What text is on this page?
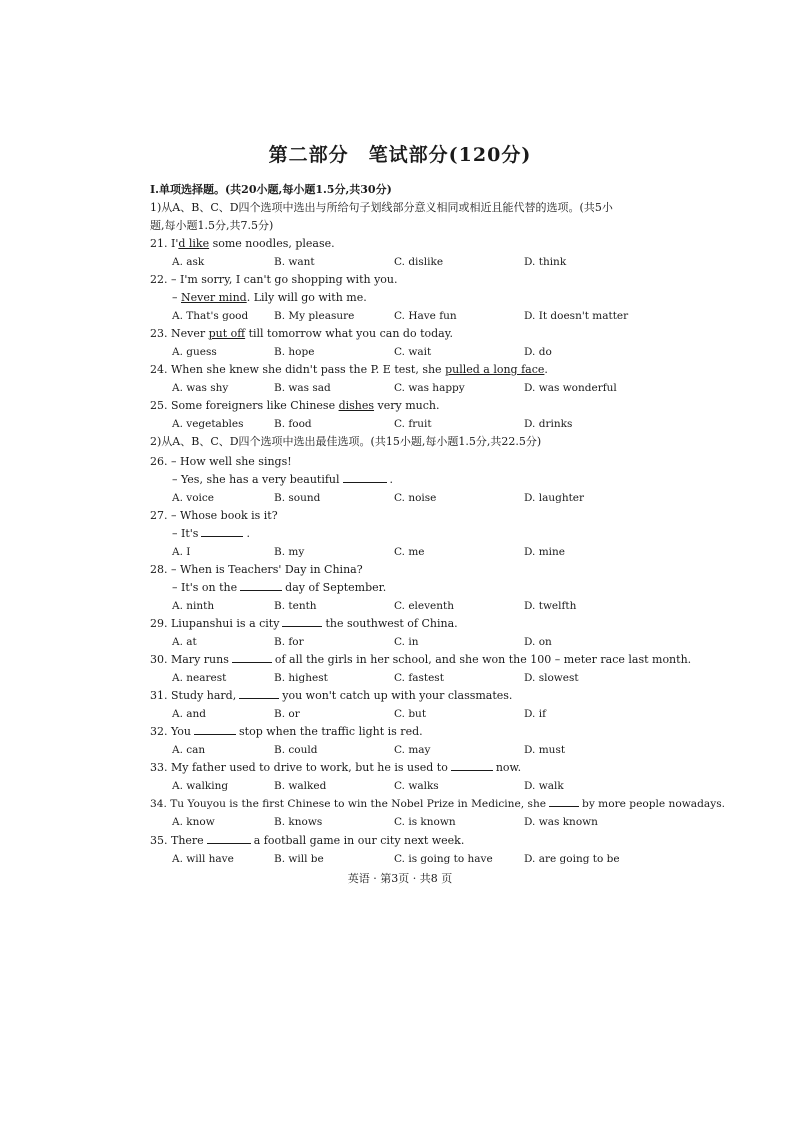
第二部分　笔试部分(120分)
Ⅰ.单项选择题。(共20小题,每小题1.5分,共30分)
1)从A、B、C、D四个选项中选出与所给句子划线部分意义相同或相近且能代替的选项。(共5小
题,每小题1.5分,共7.5分)
21. I'd like some noodles, please.
A. ask	B. want	C. dislike	D. think
22. – I'm sorry, I can't go shopping with you.
– Never mind. Lily will go with me.
A. That's good B. My pleasure	C. Have fun	D. It doesn't matter
23. Never put off till tomorrow what you can do today.
A. guess	B. hope	C. wait	D. do
24. When she knew she didn't pass the P. E test, she pulled a long face.
A. was shy	B. was sad	C. was happy	D. was wonderful
25. Some foreigners like Chinese dishes very much.
A. vegetables	B. food	C. fruit	D. drinks
2)从A、B、C、D四个选项中选出最佳选项。(共15小题,每小题1.5分,共22.5分)
26. – How well she sings!
– Yes, she has a very beautiful	.
A. voice	B. sound	C. noise	D. laughter
27. – Whose book is it?
– It's	.
A. I	B. my	C. me	D. mine
28. – When is Teachers' Day in China?
– It's on the	day of September.
A. ninth	B. tenth	C. eleventh	D. twelfth
29. Liupanshui is a city	the southwest of China.
A. at	B. for	C. in	D. on
30. Mary runs	of all the girls in her school, and she won the 100 – meter race last month.
A. nearest	B. highest	C. fastest	D. slowest
31. Study hard,	you won't catch up with your classmates.
A. and	B. or	C. but	D. if
32. You	stop when the traffic light is red.
A. can	B. could	C. may	D. must
33. My father used to drive to work, but he is used to	now.
A. walking	B. walked	C. walks	D. walk
34. Tu Youyou is the first Chinese to win the Nobel Prize in Medicine, she	by more people nowadays.
A. know	B. knows	C. is known	D. was known
35. There	a football game in our city next week.
A. will have	B. will be	C. is going to have	D. are going to be
英语 · 第3页 · 共8 页
